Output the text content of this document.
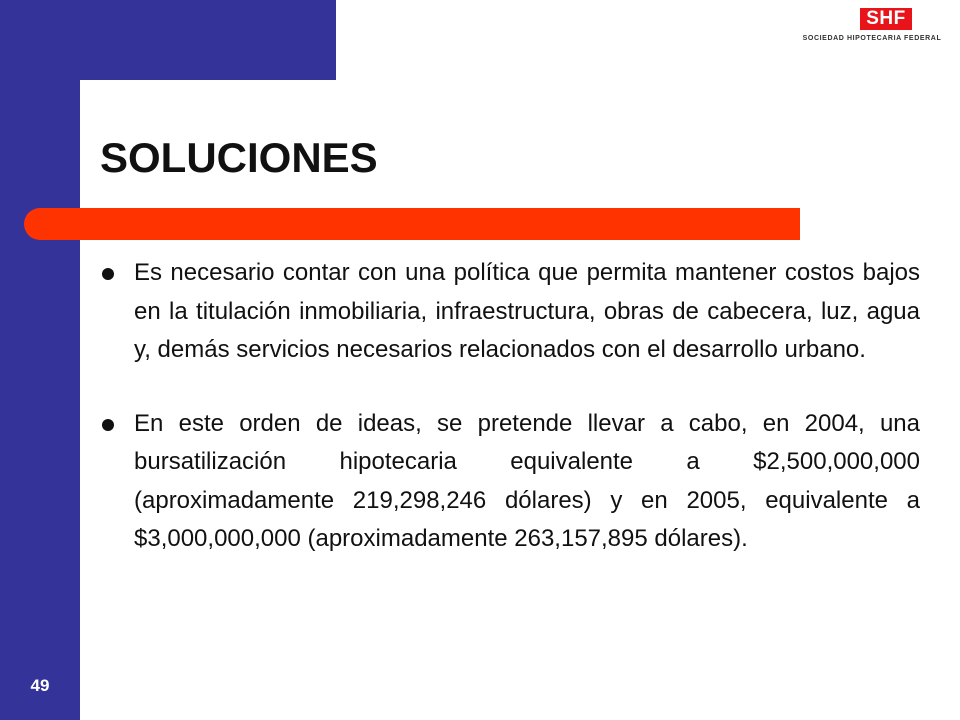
SHF
SOCIEDAD HIPOTECARIA FEDERAL
SOLUCIONES
Es necesario contar con una política que permita mantener costos bajos en la titulación inmobiliaria, infraestructura, obras de cabecera, luz, agua y, demás servicios necesarios relacionados con el desarrollo urbano.
En este orden de ideas, se pretende llevar a cabo, en 2004, una bursatilización hipotecaria equivalente a $2,500,000,000 (aproximadamente 219,298,246 dólares) y en 2005, equivalente a $3,000,000,000 (aproximadamente 263,157,895 dólares).
49
